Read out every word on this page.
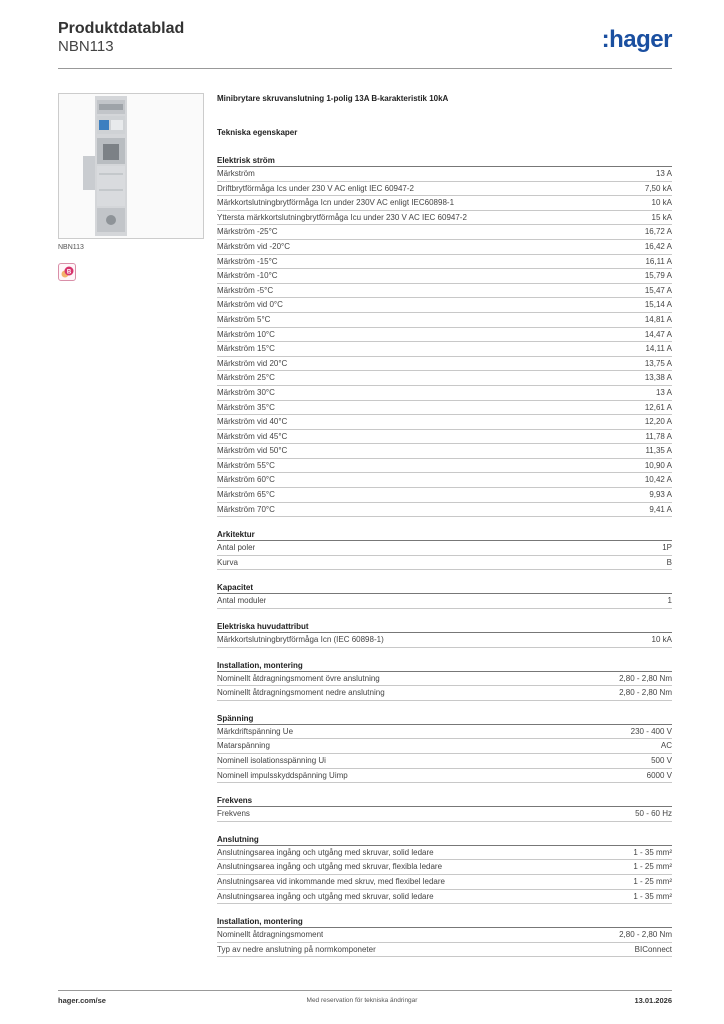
Produktdatablad
NBN113	:hager
NBN113
B
Minibrytare skruvanslutning 1-polig 13A B-karakteristik 10kA
Tekniska egenskaper
Elektrisk ström
Märkström	13 A
Driftbrytförmåga Ics under 230 V AC enligt IEC 60947-2	7,50 kA
Märkkortslutningbrytförmåga Icn under 230V AC enligt IEC60898-1	10 kA
Yttersta märkkortslutningbrytförmåga Icu under 230 V AC IEC 60947-2	15 kA
Märkström -25°C	16,72 A
Märkström vid -20°C	16,42 A
Märkström -15°C	16,11 A
Märkström -10°C	15,79 A
Märkström -5°C	15,47 A
Märkström vid 0°C	15,14 A
Märkström 5°C	14,81 A
Märkström 10°C	14,47 A
Märkström 15°C	14,11 A
Märkström vid 20°C	13,75 A
Märkström 25°C	13,38 A
Märkström 30°C	13 A
Märkström 35°C	12,61 A
Märkström vid 40°C	12,20 A
Märkström vid 45°C	11,78 A
Märkström vid 50°C	11,35 A
Märkström 55°C	10,90 A
Märkström 60°C	10,42 A
Märkström 65°C	9,93 A
Märkström 70°C	9,41 A
Arkitektur
Antal poler	1P
Kurva	B
Kapacitet
Antal moduler	1
Elektriska huvudattribut
Märkkortslutningbrytförmåga Icn (IEC 60898-1)	10 kA
Installation, montering
Nominellt åtdragningsmoment övre anslutning	2,80 - 2,80 Nm
Nominellt åtdragningsmoment nedre anslutning	2,80 - 2,80 Nm
Spänning
Märkdriftspänning Ue	230 - 400 V
Matarspänning	AC
Nominell isolationsspänning Ui	500 V
Nominell impulsskyddspänning Uimp	6000 V
Frekvens
Frekvens	50 - 60 Hz
Anslutning
Anslutningsarea ingång och utgång med skruvar, solid ledare	1 - 35 mm²
Anslutningsarea ingång och utgång med skruvar, flexibla ledare	1 - 25 mm²
Anslutningsarea vid inkommande med skruv, med flexibel ledare	1 - 25 mm²
Anslutningsarea ingång och utgång med skruvar, solid ledare	1 - 35 mm²
Installation, montering
Nominellt åtdragningsmoment	2,80 - 2,80 Nm
Typ av nedre anslutning på normkomponeter	BIConnect
hager.com/se	Med reservation för tekniska ändringar	13.01.2026
